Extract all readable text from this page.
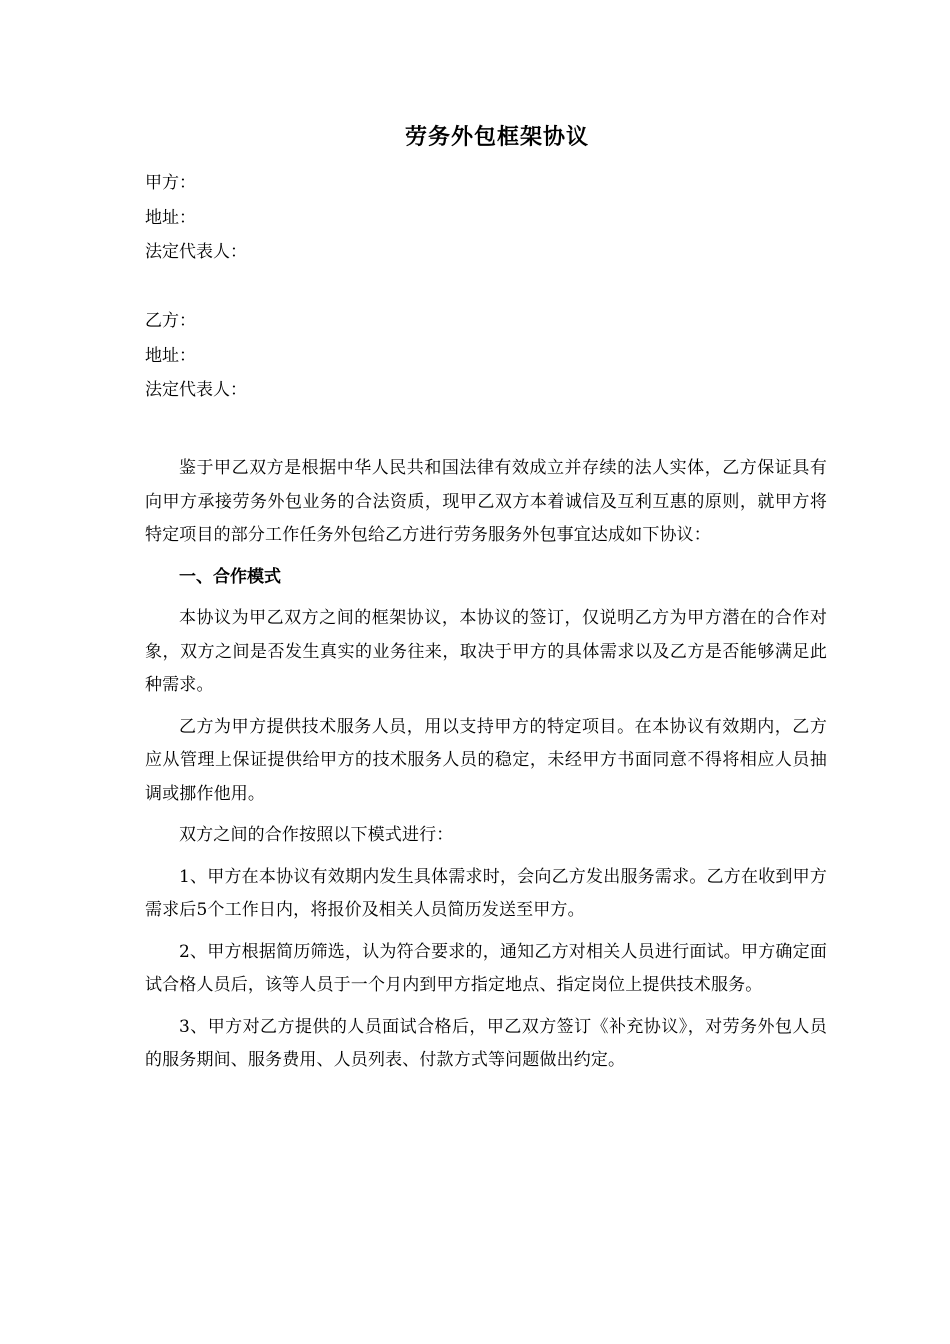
劳务外包框架协议
甲方：
地址：
法定代表人：
乙方：
地址：
法定代表人：

鉴于甲乙双方是根据中华人民共和国法律有效成立并存续的法人实体，乙方保证具有向甲方承接劳务外包业务的合法资质，现甲乙双方本着诚信及互利互惠的原则，就甲方将特定项目的部分工作任务外包给乙方进行劳务服务外包事宜达成如下协议：

一、合作模式

本协议为甲乙双方之间的框架协议，本协议的签订，仅说明乙方为甲方潜在的合作对象，双方之间是否发生真实的业务往来，取决于甲方的具体需求以及乙方是否能够满足此种需求。

乙方为甲方提供技术服务人员，用以支持甲方的特定项目。在本协议有效期内，乙方应从管理上保证提供给甲方的技术服务人员的稳定，未经甲方书面同意不得将相应人员抽调或挪作他用。

双方之间的合作按照以下模式进行：

1、甲方在本协议有效期内发生具体需求时，会向乙方发出服务需求。乙方在收到甲方需求后5个工作日内，将报价及相关人员简历发送至甲方。

2、甲方根据简历筛选，认为符合要求的，通知乙方对相关人员进行面试。甲方确定面试合格人员后，该等人员于一个月内到甲方指定地点、指定岗位上提供技术服务。

3、甲方对乙方提供的人员面试合格后，甲乙双方签订《补充协议》，对劳务外包人员的服务期间、服务费用、人员列表、付款方式等问题做出约定。
